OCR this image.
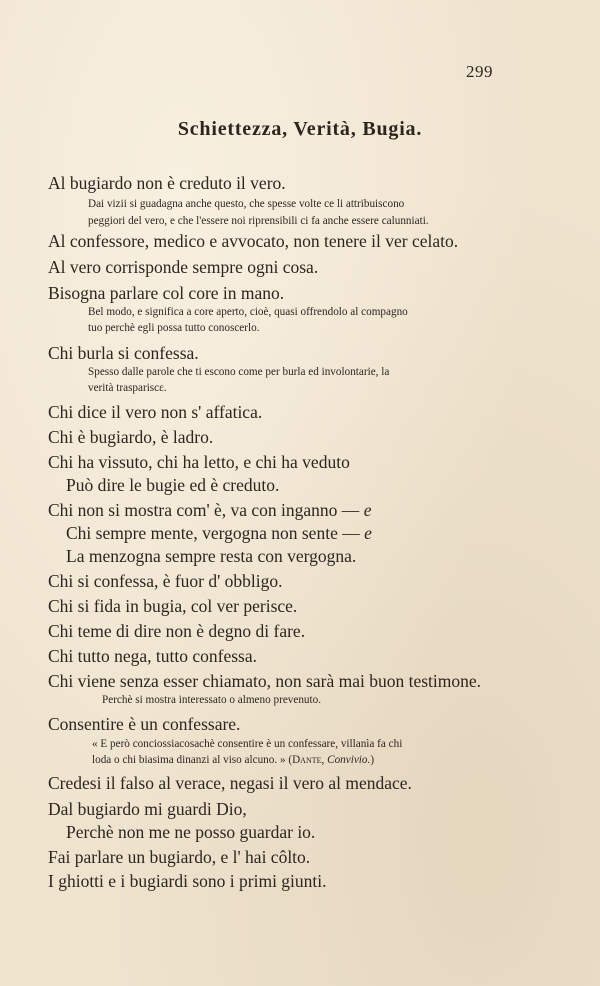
299
Schiettezza, Verità, Bugia.
Al bugiardo non è creduto il vero.
Dai vizii si guadagna anche questo, che spesse volte ce li attribuiscono
peggiori del vero, e che l'essere noi riprensibili ci fa anche essere calunniati.
Al confessore, medico e avvocato, non tenere il ver celato.
Al vero corrisponde sempre ogni cosa.
Bisogna parlare col core in mano.
Bel modo, e significa a core aperto, cioè, quasi offrendolo al compagno
tuo perchè egli possa tutto conoscerlo.
Chi burla si confessa.
Spesso dalle parole che ti escono come per burla ed involontarie, la
verità traspariscε.
Chi dice il vero non s' affatica.
Chi è bugiardo, è ladro.
Chi ha vissuto, chi ha letto, e chi ha veduto
Può dire le bugie ed è creduto.
Chi non si mostra com' è, va con inganno — e
Chi sempre mente, vergogna non sente — e
La menzogna sempre resta con vergogna.
Chi si confessa, è fuor d' obbligo.
Chi si fida in bugia, col ver perisce.
Chi teme di dire non è degno di fare.
Chi tutto nega, tutto confessa.
Chi viene senza esser chiamato, non sarà mai buon testimone.
Perchè si mostra interessato o almeno prevenuto.
Consentire è un confessare.
« E però conciossiacosachè consentire è un confessare, villanìa fa chi
loda o chi biasima dinanzi al viso alcuno. » (Dante, Convivio.)
Credesi il falso al verace, negasi il vero al mendace.
Dal bugiardo mi guardi Dio,
Perchè non me ne posso guardar io.
Fai parlare un bugiardo, e l' hai côlto.
I ghiotti e i bugiardi sono i primi giunti.
